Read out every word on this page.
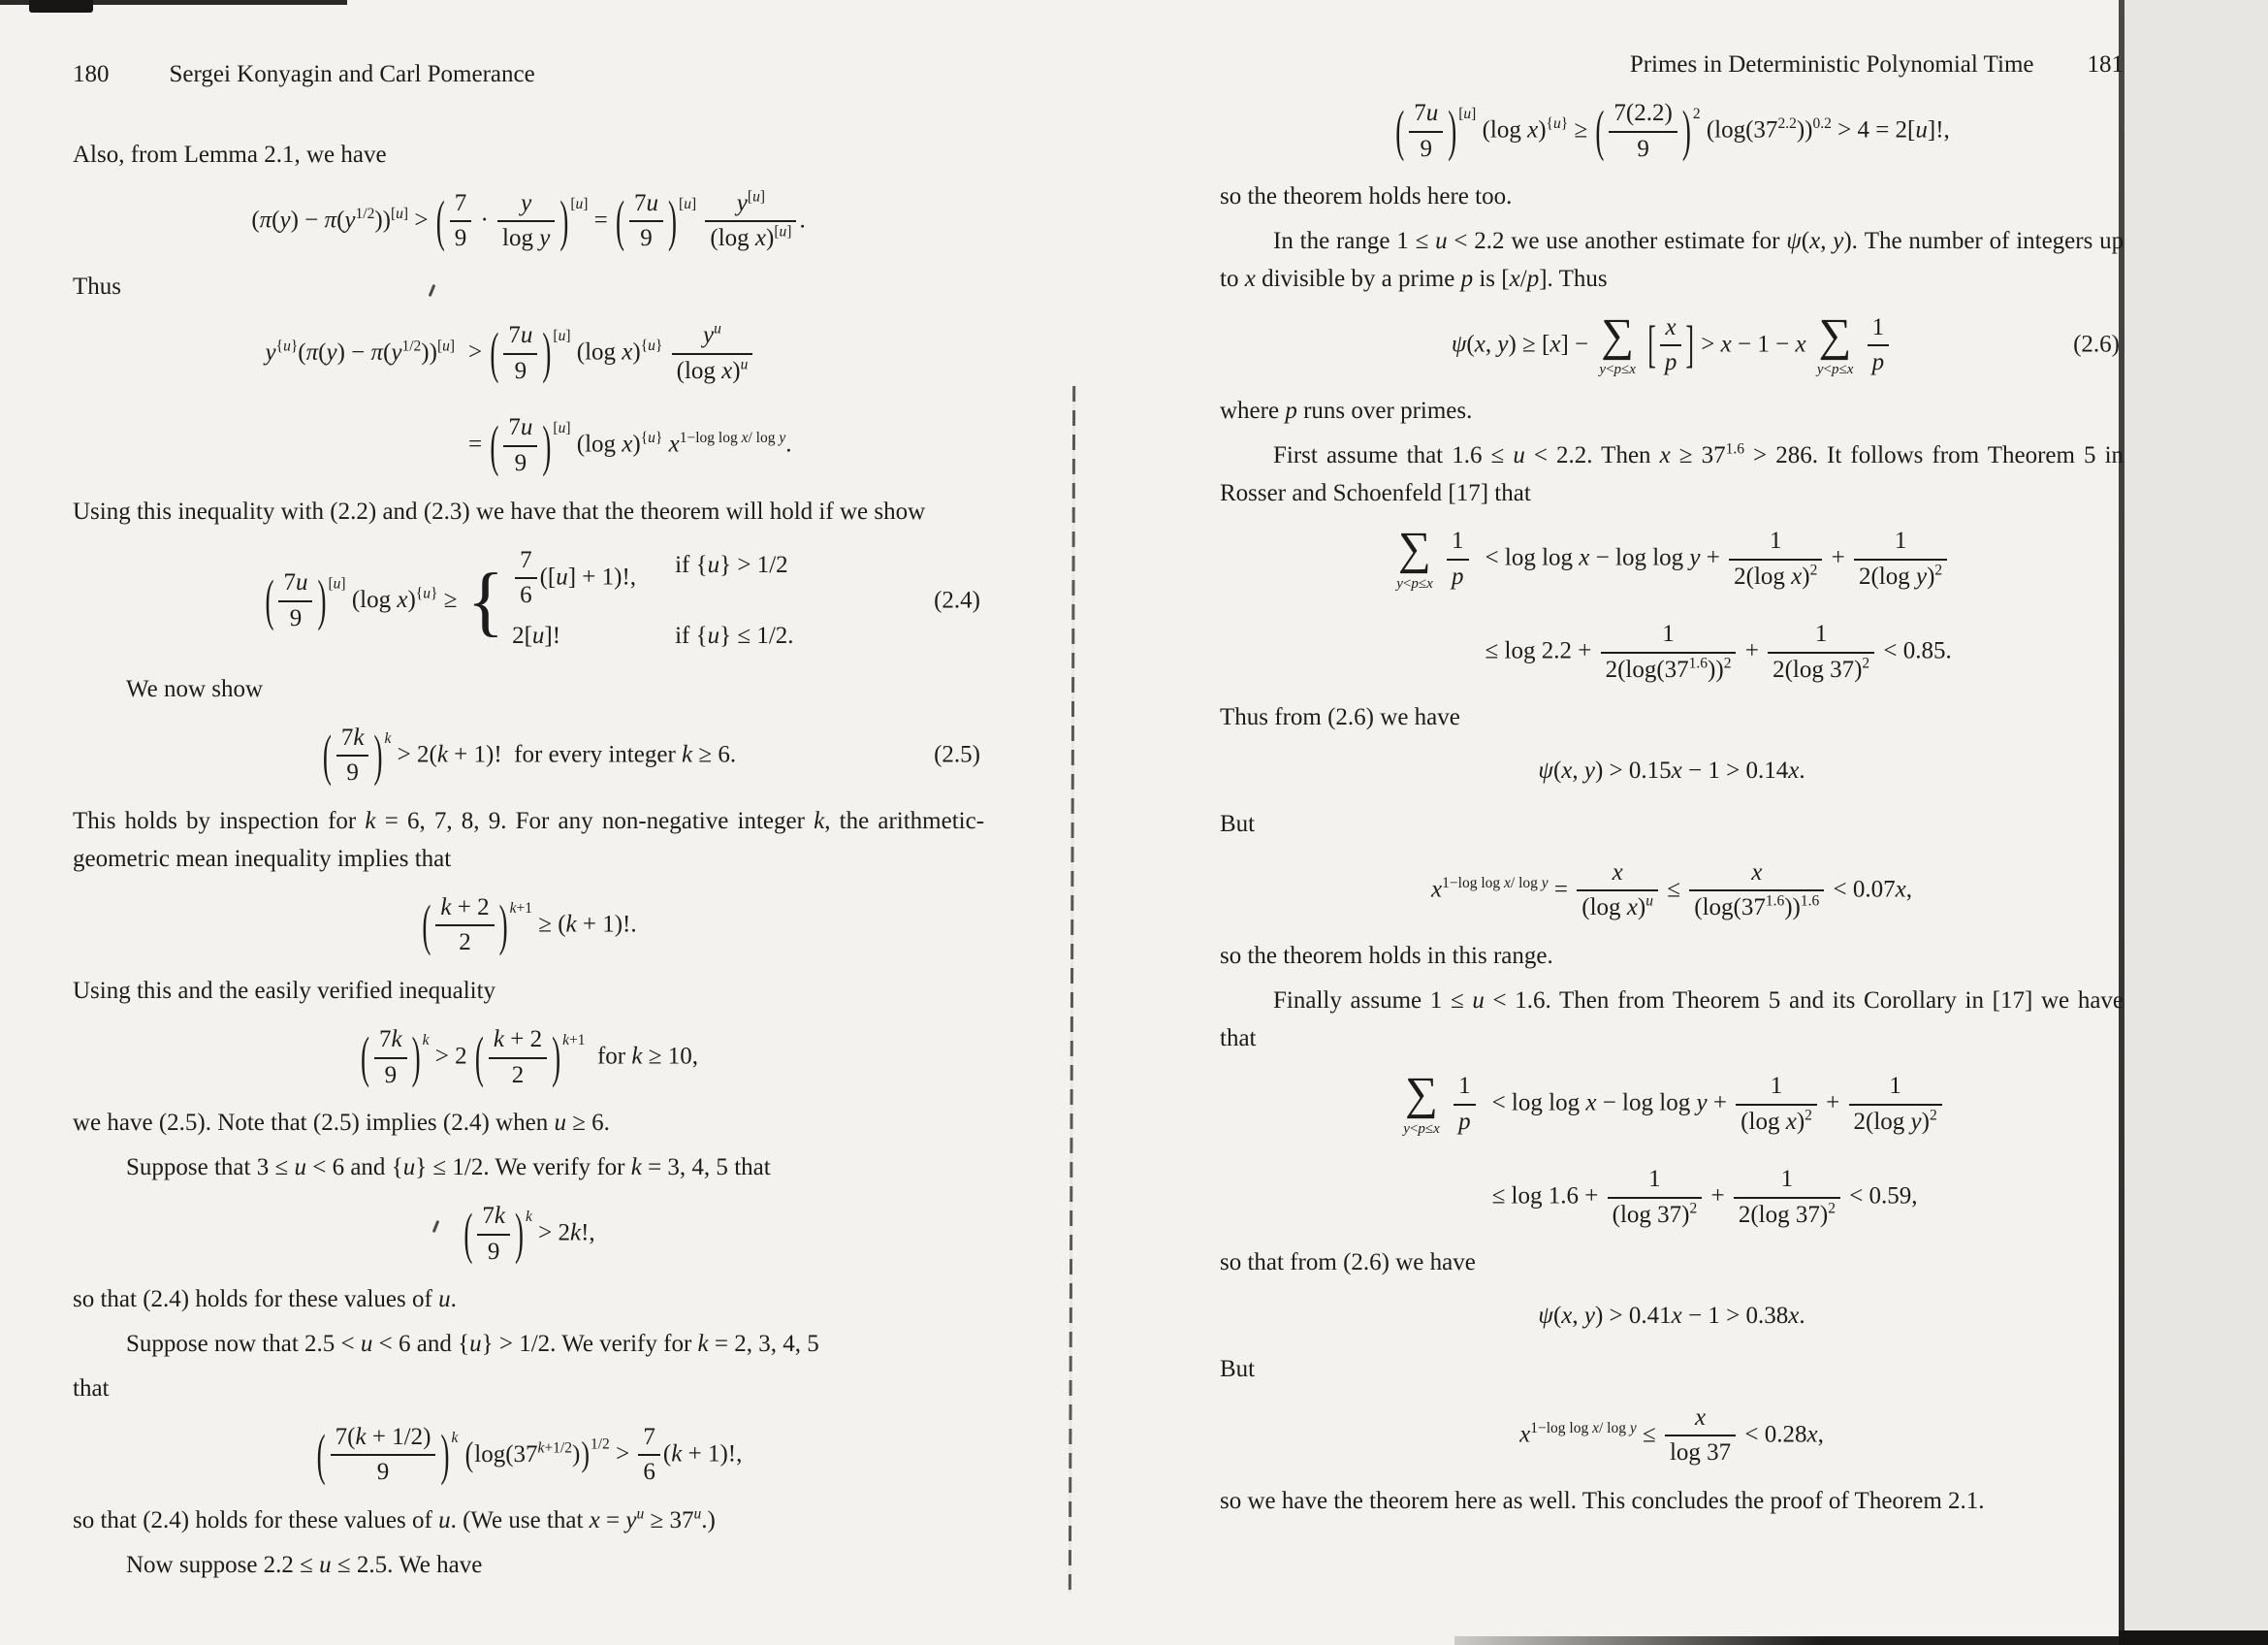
180 Sergei Konyagin and Carl Pomerance

Also, from Lemma 2.1, we have

$(\pi(y) - \pi(y^{1/2}))[u]$ > ( $\frac{7}{9} \cdot \frac{y}{\text{log y}}$ ) [u] = ( $\frac{7u}{9}$ ) $[u] \frac{y^{[u]}}{(\log x)^{[u]}}$ .

Thus

$y^{\{u\}}(\pi(y) - \pi(y^{1/2}))[u]$ > ( $\frac{7u}{9}$ ) [u] (log $x)^{\{u\}} \frac{y^u}{(\log x)^u}$
= ( $\frac{7u}{9}$ ) [u] (log x)$^{\{u\}}$ $x^{1-log log x/ log y}$.

Using this inequality with (2.2) and (2.3) we have that the theorem will hold if we show

( $\frac{7u}{9}$ ) [u] (log x)$^{\{u\}}$ ≥ { $\frac{7}{6} ([u] + 1)$!, if {u} > 1/2
2[u]!	if {u} ≤ 1/2.
(2.4)

We now show

( $\frac{7k}{9}$ ) $^k$ > 2(k + 1)! for every integer k ≥ 6.	(2.5)

This holds by inspection for k = 6, 7, 8, 9. For any non-negative integer k, the arithmetic-geometric mean inequality implies that

( $\frac{k + 2}{2}$ ) $^{k+1}$ ≥ (k + 1)!.

Using this and the easily verified inequality

( $\frac{7k}{9}$ ) $^k$ > 2 ( $\frac{k + 2}{2}$ ) $^{k+1}$ for k ≥ 10,

we have (2.5). Note that (2.5) implies (2.4) when u ≥ 6.

Suppose that 3 ≤ u < 6 and {u} ≤ 1/2. We verify for k = 3, 4, 5 that

( $\frac{7k}{9}$ ) $^k$ > 2k!,

so that (2.4) holds for these values of u.

Suppose now that 2.5 < u < 6 and {u} > 1/2. We verify for k = 2, 3, 4, 5

that

( $\frac{7(k + 1/2)}{9}$ ) $^k$ ( $\log(37^{k+1/2})$ ) $^{1/2} > \frac{7}{6} (k + 1)$!,

so that (2.4) holds for these values of u. (We use that $x = y^u \ge 37^u$.)

Now suppose 2.2 ≤ u ≤ 2.5. We have

Primes in Deterministic Polynomial Time 181
( $\frac{7u}{9}$ ) [u] (log x)$^{\{u\}}$ ≥ ( $\frac{7(2.2)}{9}$ ) $^2$ $(\log(37^{2.2}))^{0.2} > 4 = 2[u]$!,

so the theorem holds here too.

In the range 1 ≤ u < 2.2 we use another estimate for ψ(x, y). The number of integers up to x divisible by a prime p is [x/p]. Thus

ψ(x, y) ≥ [x] − ∑
y<p≤x
[ $\frac{x}{p}$ ] > x − 1 − x ∑
y<p≤x
$\frac{1}{p}$	(2.6)

where p runs over primes.

First assume that 1.6 ≤ u < 2.2. Then $x \ge 37^{1.6} > 286$. It follows from Theorem 5 in Rosser and Schoenfeld [17] that

∑
y<p≤x
$\frac{1}{p} < \log \log x - \log \log y + \frac{1}{2(\log x)^2} + \frac{1}{2(\log y)^2}$
≤ $\log 2.2 + \frac{1}{2(\log(37^{1.6}))^2} + \frac{1}{2(\log 37)^2} < 0.85$.

Thus from (2.6) we have

ψ(x, y) > 0.15x − 1 > 0.14x.

But

$x^{1-log log x/ log y} = \frac{x}{(\log x)^u} \le \frac{x}{(\log(37^{1.6}))^{1.6}} < 0.07x$,

so the theorem holds in this range.

Finally assume 1 ≤ u < 1.6. Then from Theorem 5 and its Corollary in [17] we have that

∑
y<p≤x
$\frac{1}{p} < \log \log x - \log \log y + \frac{1}{(\log x)^2} + \frac{1}{2(\log y)^2}$
≤ $\log 1.6 + \frac{1}{(\log 37)^2} + \frac{1}{2(\log 37)^2} < 0.59$,

so that from (2.6) we have

ψ(x, y) > 0.41x − 1 > 0.38x.

But

$x^{1-log log x/ log y} \le \frac{x}{\log 37} < 0.28x$,

so we have the theorem here as well. This concludes the proof of Theorem 2.1.
